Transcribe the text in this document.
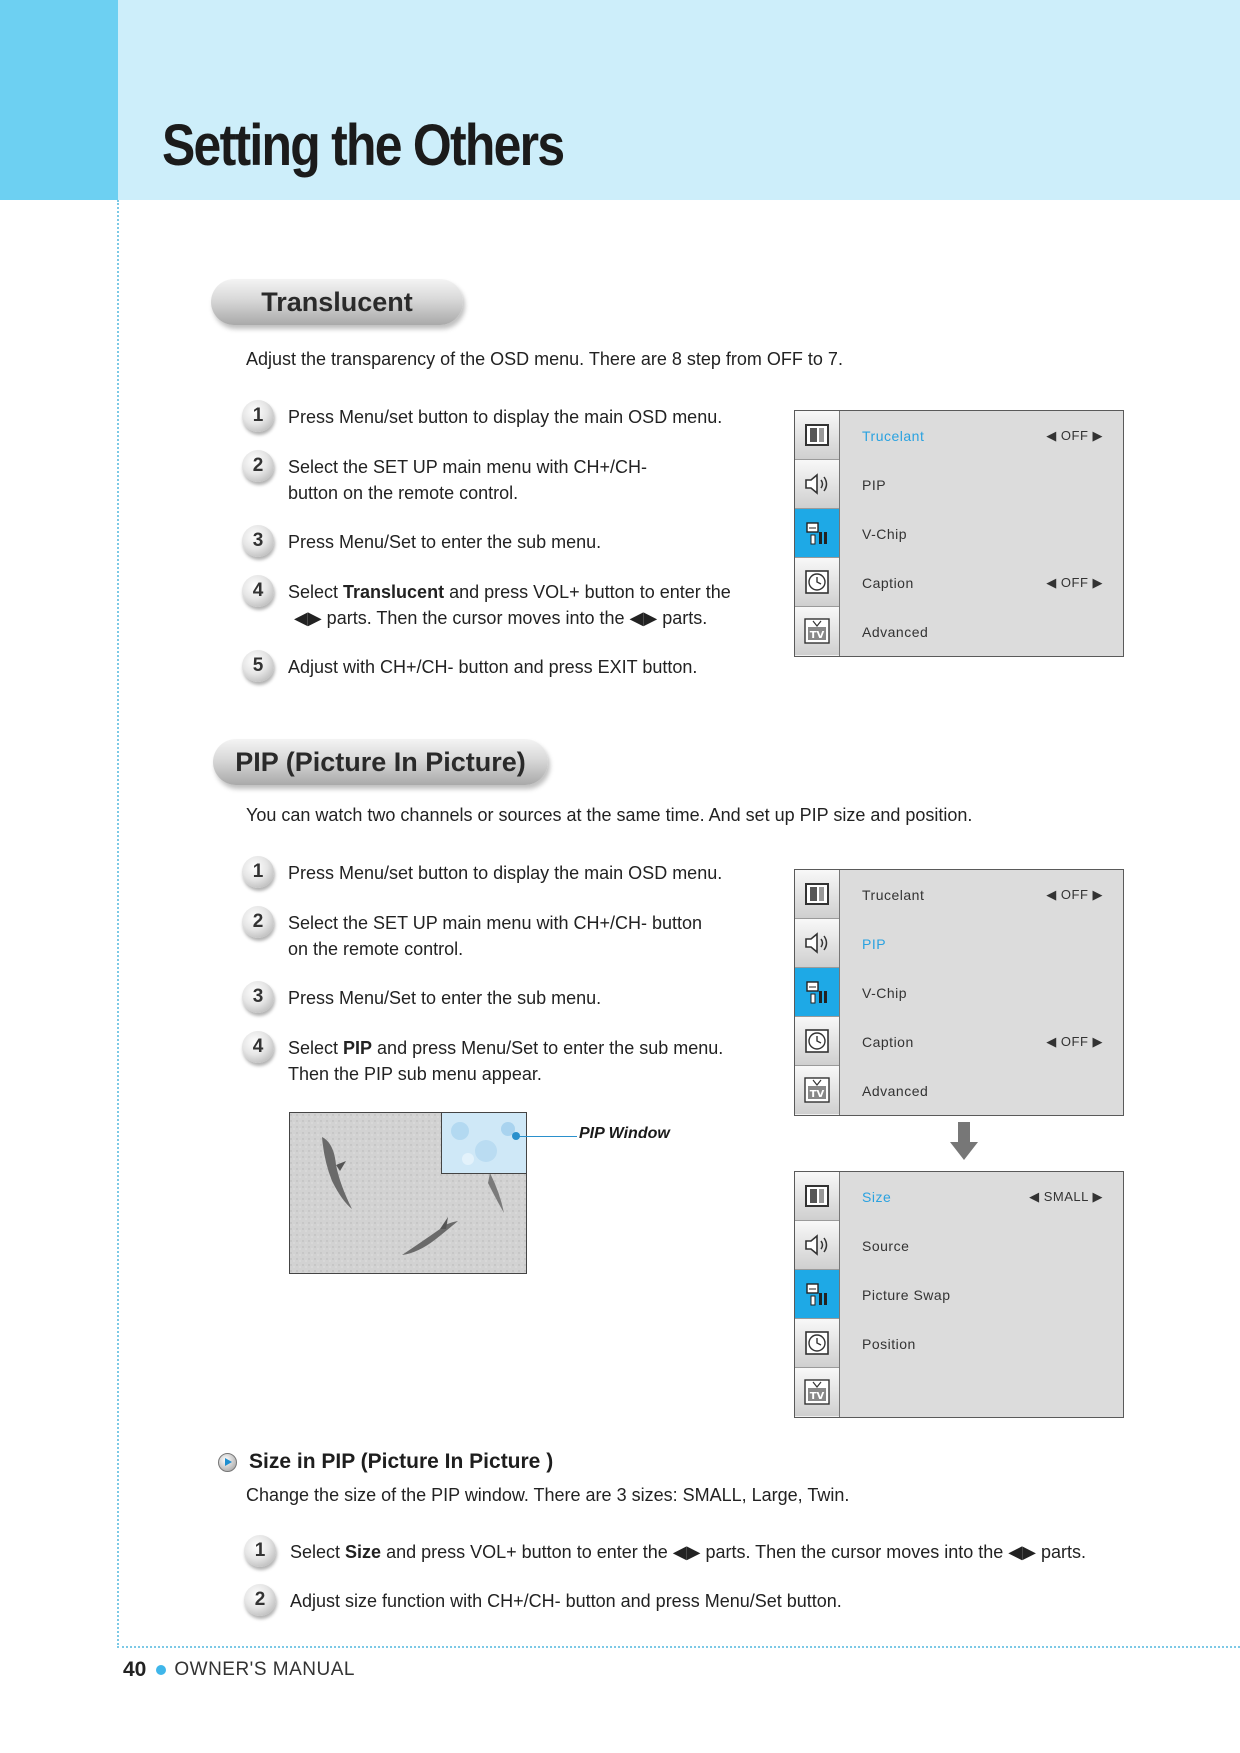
Setting the Others
Translucent
Adjust the transparency of the OSD menu. There are 8 step from OFF to 7.
1	Press Menu/set button to display the main OSD menu.
2	Select the SET UP main menu with CH+/CH-
button on the remote control.
3	Press Menu/Set to enter the sub menu.
4	Select Translucent and press VOL+ button to enter the
◀▶ parts. Then the cursor moves into the ◀▶ parts.
5	Adjust with CH+/CH- button and press EXIT button.
TV
Trucelant	◀ OFF ▶
PIP
V-Chip
Caption	◀ OFF ▶
Advanced
PIP (Picture In Picture)
You can watch two channels or sources at the same time. And set up PIP size and position.
1	Press Menu/set button to display the main OSD menu.
2	Select the SET UP main menu with CH+/CH- button
on the remote control.
3	Press Menu/Set to enter the sub menu.
4	Select PIP and press Menu/Set to enter the sub menu.
Then the PIP sub menu appear.
PIP Window
TV
Trucelant	◀ OFF ▶
PIP
V-Chip
Caption	◀ OFF ▶
Advanced
TV
Size	◀ SMALL ▶
Source
Picture Swap
Position
Size in PIP (Picture In Picture )
Change the size of the PIP window. There are 3 sizes: SMALL, Large, Twin.
1	Select Size and press VOL+ button to enter the ◀▶ parts. Then the cursor moves into the ◀▶ parts.
2	Adjust size function with CH+/CH- button and press Menu/Set button.
40 OWNER'S MANUAL
